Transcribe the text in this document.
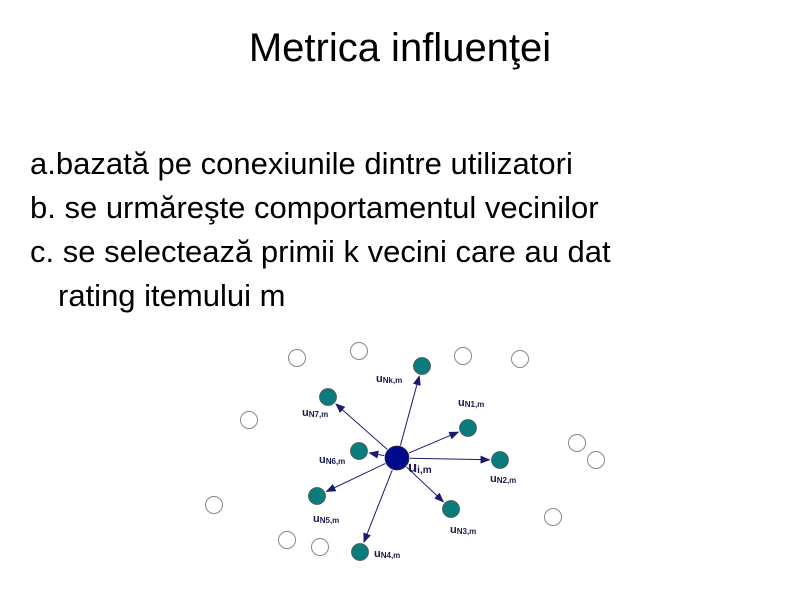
Metrica influenţei
a.bazată pe conexiunile dintre utilizatori
b. se urmăreşte comportamentul vecinilor
c. se selectează primii k vecini care au dat
rating itemului m
uNk,m
uN1,m
uN2,m
uN3,m
uN4,m
uN5,m
uN6,m
uN7,m
ui,m
